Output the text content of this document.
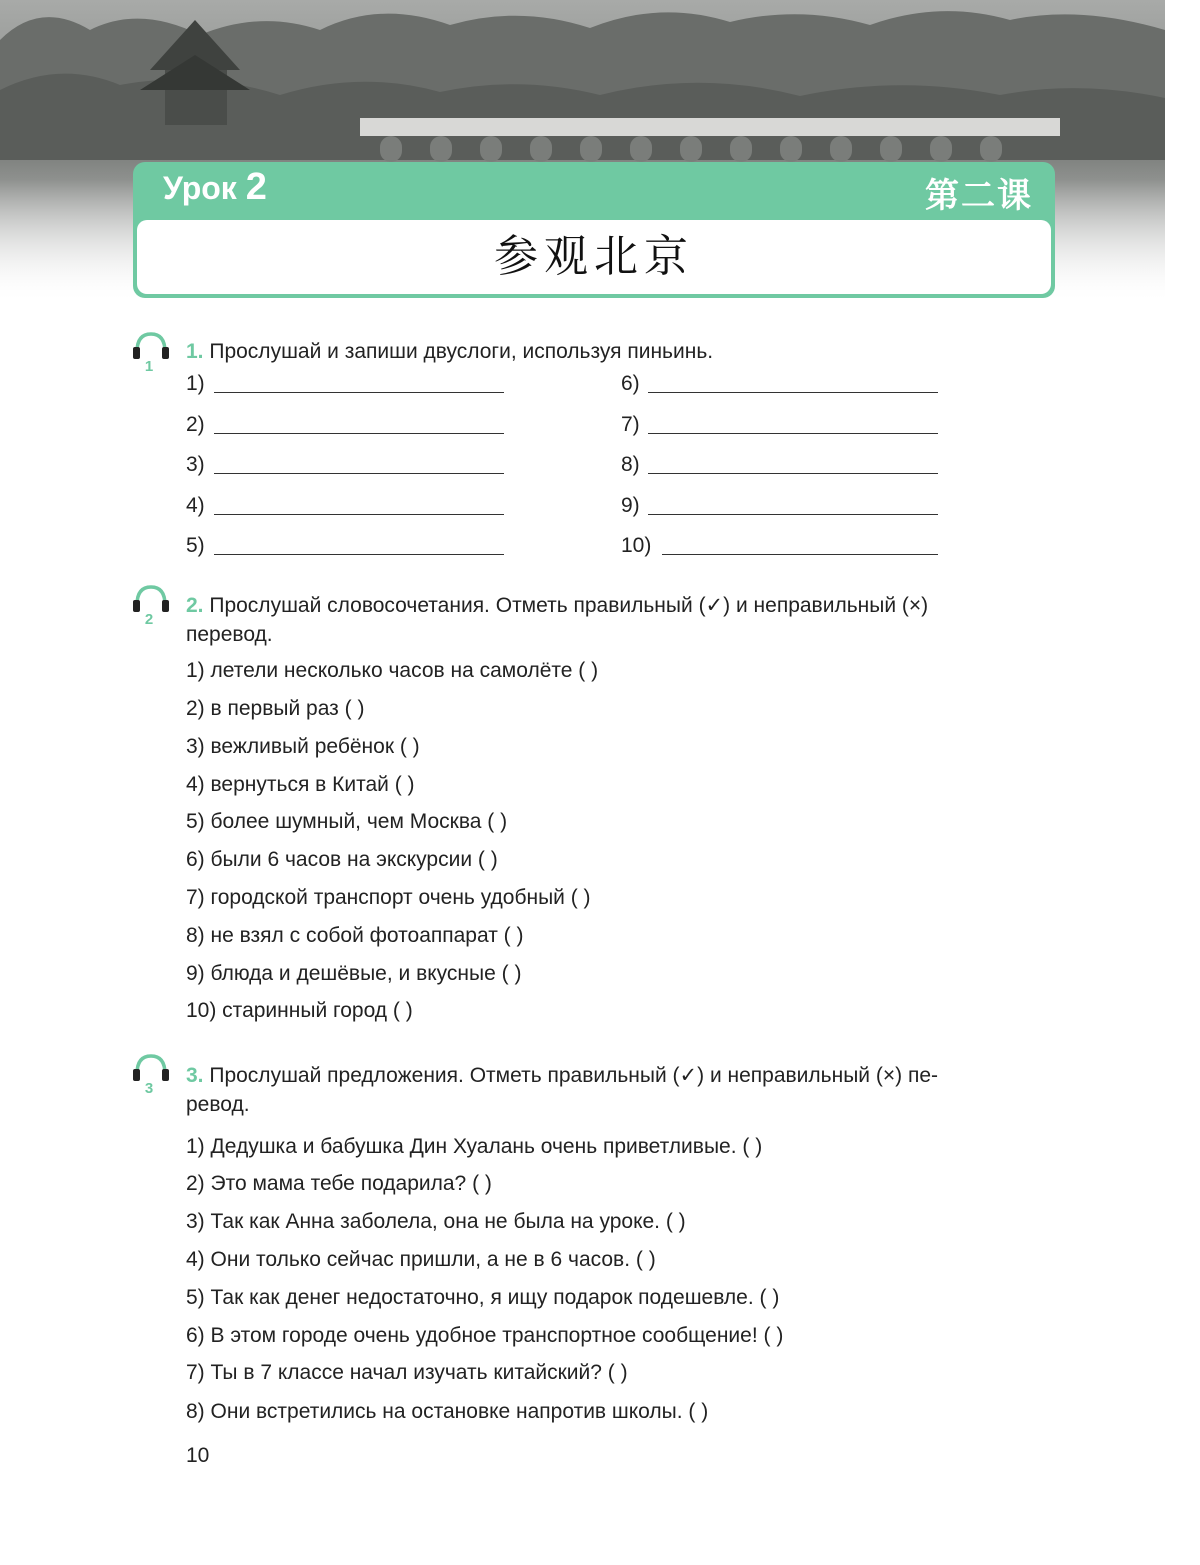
Урок 2	第二课
参观北京
1
1. Прослушай и запиши двуслоги, используя пиньинь.
1)
2)
3)
4)
5)
6)
7)
8)
9)
10)
2
2. Прослушай словосочетания. Отметь правильный (✓) и неправильный (×)
перевод.
1) летели несколько часов на самолёте ( )
2) в первый раз ( )
3) вежливый ребёнок ( )
4) вернуться в Китай ( )
5) более шумный, чем Москва ( )
6) были 6 часов на экскурсии ( )
7) городской транспорт очень удобный ( )
8) не взял с собой фотоаппарат ( )
9) блюда и дешёвые, и вкусные ( )
10) старинный город ( )
3
3. Прослушай предложения. Отметь правильный (✓) и неправильный (×) пе-
ревод.
1) Дедушка и бабушка Дин Хуалань очень приветливые. ( )
2) Это мама тебе подарила? ( )
3) Так как Анна заболела, она не была на уроке. ( )
4) Они только сейчас пришли, а не в 6 часов. ( )
5) Так как денег недостаточно, я ищу подарок подешевле. ( )
6) В этом городе очень удобное транспортное сообщение! ( )
7) Ты в 7 классе начал изучать китайский? ( )
8) Они встретились на остановке напротив школы. ( )
10
